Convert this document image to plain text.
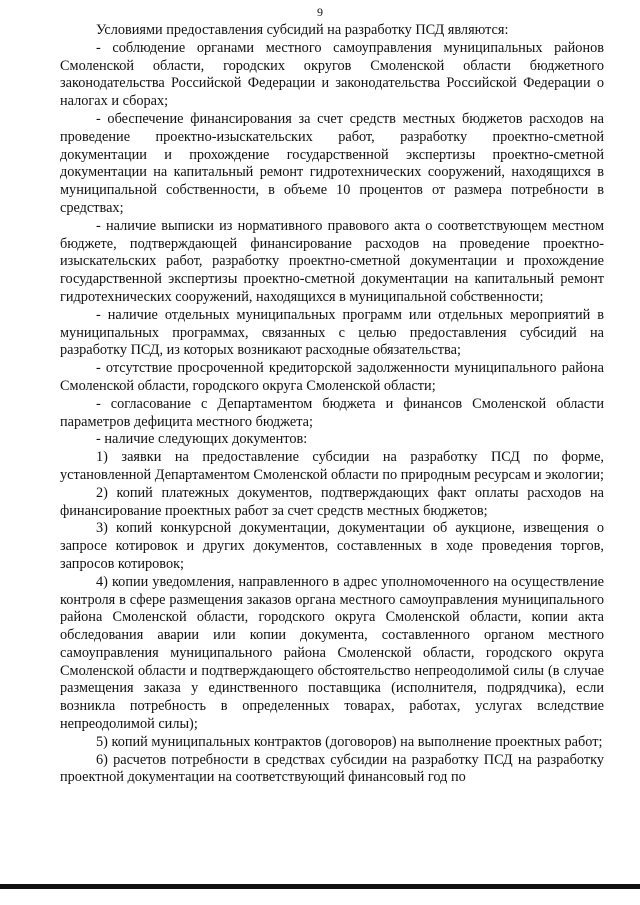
9

Условиями предоставления субсидий на разработку ПСД являются:

- соблюдение органами местного самоуправления муниципальных районов Смоленской области, городских округов Смоленской области бюджетного законодательства Российской Федерации и законодательства Российской Федерации о налогах и сборах;

- обеспечение финансирования за счет средств местных бюджетов расходов на проведение проектно-изыскательских работ, разработку проектно-сметной документации и прохождение государственной экспертизы проектно-сметной документации на капитальный ремонт гидротехнических сооружений, находящихся в муниципальной собственности, в объеме 10 процентов от размера потребности в средствах;

- наличие выписки из нормативного правового акта о соответствующем местном бюджете, подтверждающей финансирование расходов на проведение проектно-изыскательских работ, разработку проектно-сметной документации и прохождение государственной экспертизы проектно-сметной документации на капитальный ремонт гидротехнических сооружений, находящихся в муниципальной собственности;

- наличие отдельных муниципальных программ или отдельных мероприятий в муниципальных программах, связанных с целью предоставления субсидий на разработку ПСД, из которых возникают расходные обязательства;

- отсутствие просроченной кредиторской задолженности муниципального района Смоленской области, городского округа Смоленской области;

- согласование с Департаментом бюджета и финансов Смоленской области параметров дефицита местного бюджета;

- наличие следующих документов:

1) заявки на предоставление субсидии на разработку ПСД по форме, установленной Департаментом Смоленской области по природным ресурсам и экологии;

2) копий платежных документов, подтверждающих факт оплаты расходов на финансирование проектных работ за счет средств местных бюджетов;

3) копий конкурсной документации, документации об аукционе, извещения о запросе котировок и других документов, составленных в ходе проведения торгов, запросов котировок;

4) копии уведомления, направленного в адрес уполномоченного на осуществление контроля в сфере размещения заказов органа местного самоуправления муниципального района Смоленской области, городского округа Смоленской области, копии акта обследования аварии или копии документа, составленного органом местного самоуправления муниципального района Смоленской области, городского округа Смоленской области и подтверждающего обстоятельство непреодолимой силы (в случае размещения заказа у единственного поставщика (исполнителя, подрядчика), если возникла потребность в определенных товарах, работах, услугах вследствие непреодолимой силы);

5) копий муниципальных контрактов (договоров) на выполнение проектных работ;

6) расчетов потребности в средствах субсидии на разработку ПСД на разработку проектной документации на соответствующий финансовый год по
